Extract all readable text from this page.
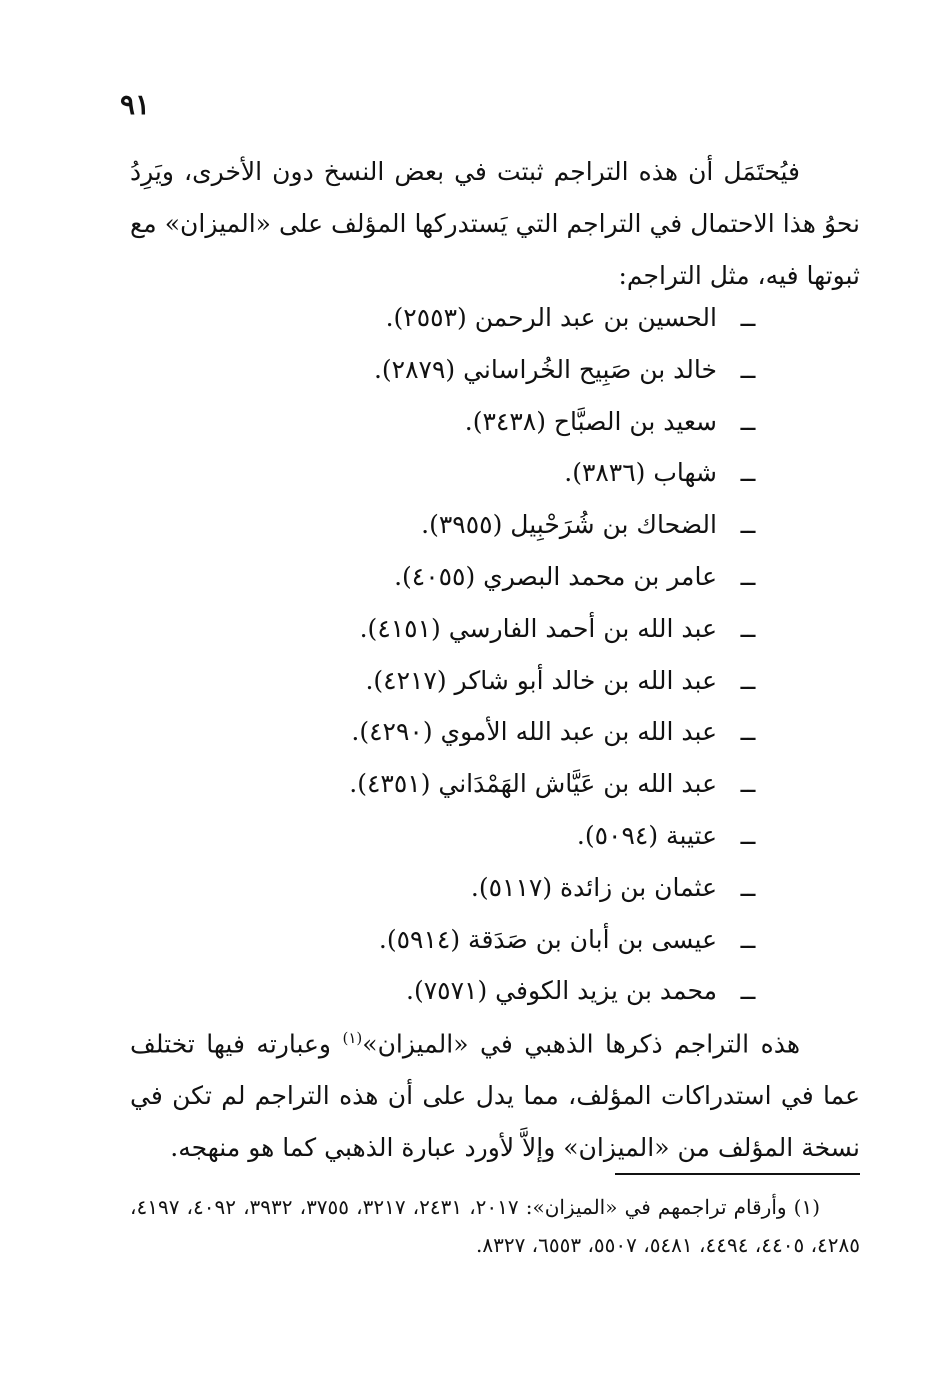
٩١

فيُحتَمَل أن هذه التراجم ثبتت في بعض النسخ دون الأخرى، ويَرِدُ نحوُ هذا الاحتمال في التراجم التي يَستدركها المؤلف على «الميزان» مع ثبوتها فيه، مثل التراجم:

ــالحسين بن عبد الرحمن (٢٥٥٣).
ــخالد بن صَبِيح الخُراساني (٢٨٧٩).
ــسعيد بن الصبَّاح (٣٤٣٨).
ــشهاب (٣٨٣٦).
ــالضحاك بن شُرَحْبِيل (٣٩٥٥).
ــعامر بن محمد البصري (٤٠٥٥).
ــعبد الله بن أحمد الفارسي (٤١٥١).
ــعبد الله بن خالد أبو شاكر (٤٢١٧).
ــعبد الله بن عبد الله الأموي (٤٢٩٠).
ــعبد الله بن عَيَّاش الهَمْدَاني (٤٣٥١).
ــعتيبة (٥٠٩٤).
ــعثمان بن زائدة (٥١١٧).
ــعيسى بن أبان بن صَدَقة (٥٩١٤).
ــمحمد بن يزيد الكوفي (٧٥٧١).

هذه التراجم ذكرها الذهبي في «الميزان»$^{(١)}$ وعبارته فيها تختلف عما في استدراكات المؤلف، مما يدل على أن هذه التراجم لم تكن في نسخة المؤلف من «الميزان» وإلاَّ لأورد عبارة الذهبي كما هو منهجه.

(١) وأرقام تراجمهم في «الميزان»: ٢٠١٧، ٢٤٣١، ٣٢١٧، ٣٧٥٥، ٣٩٣٢، ٤٠٩٢، ٤١٩٧، ٤٢٨٥، ٤٤٠٥، ٤٤٩٤، ٥٤٨١، ٥٥٠٧، ٦٥٥٣، ٨٣٢٧.
